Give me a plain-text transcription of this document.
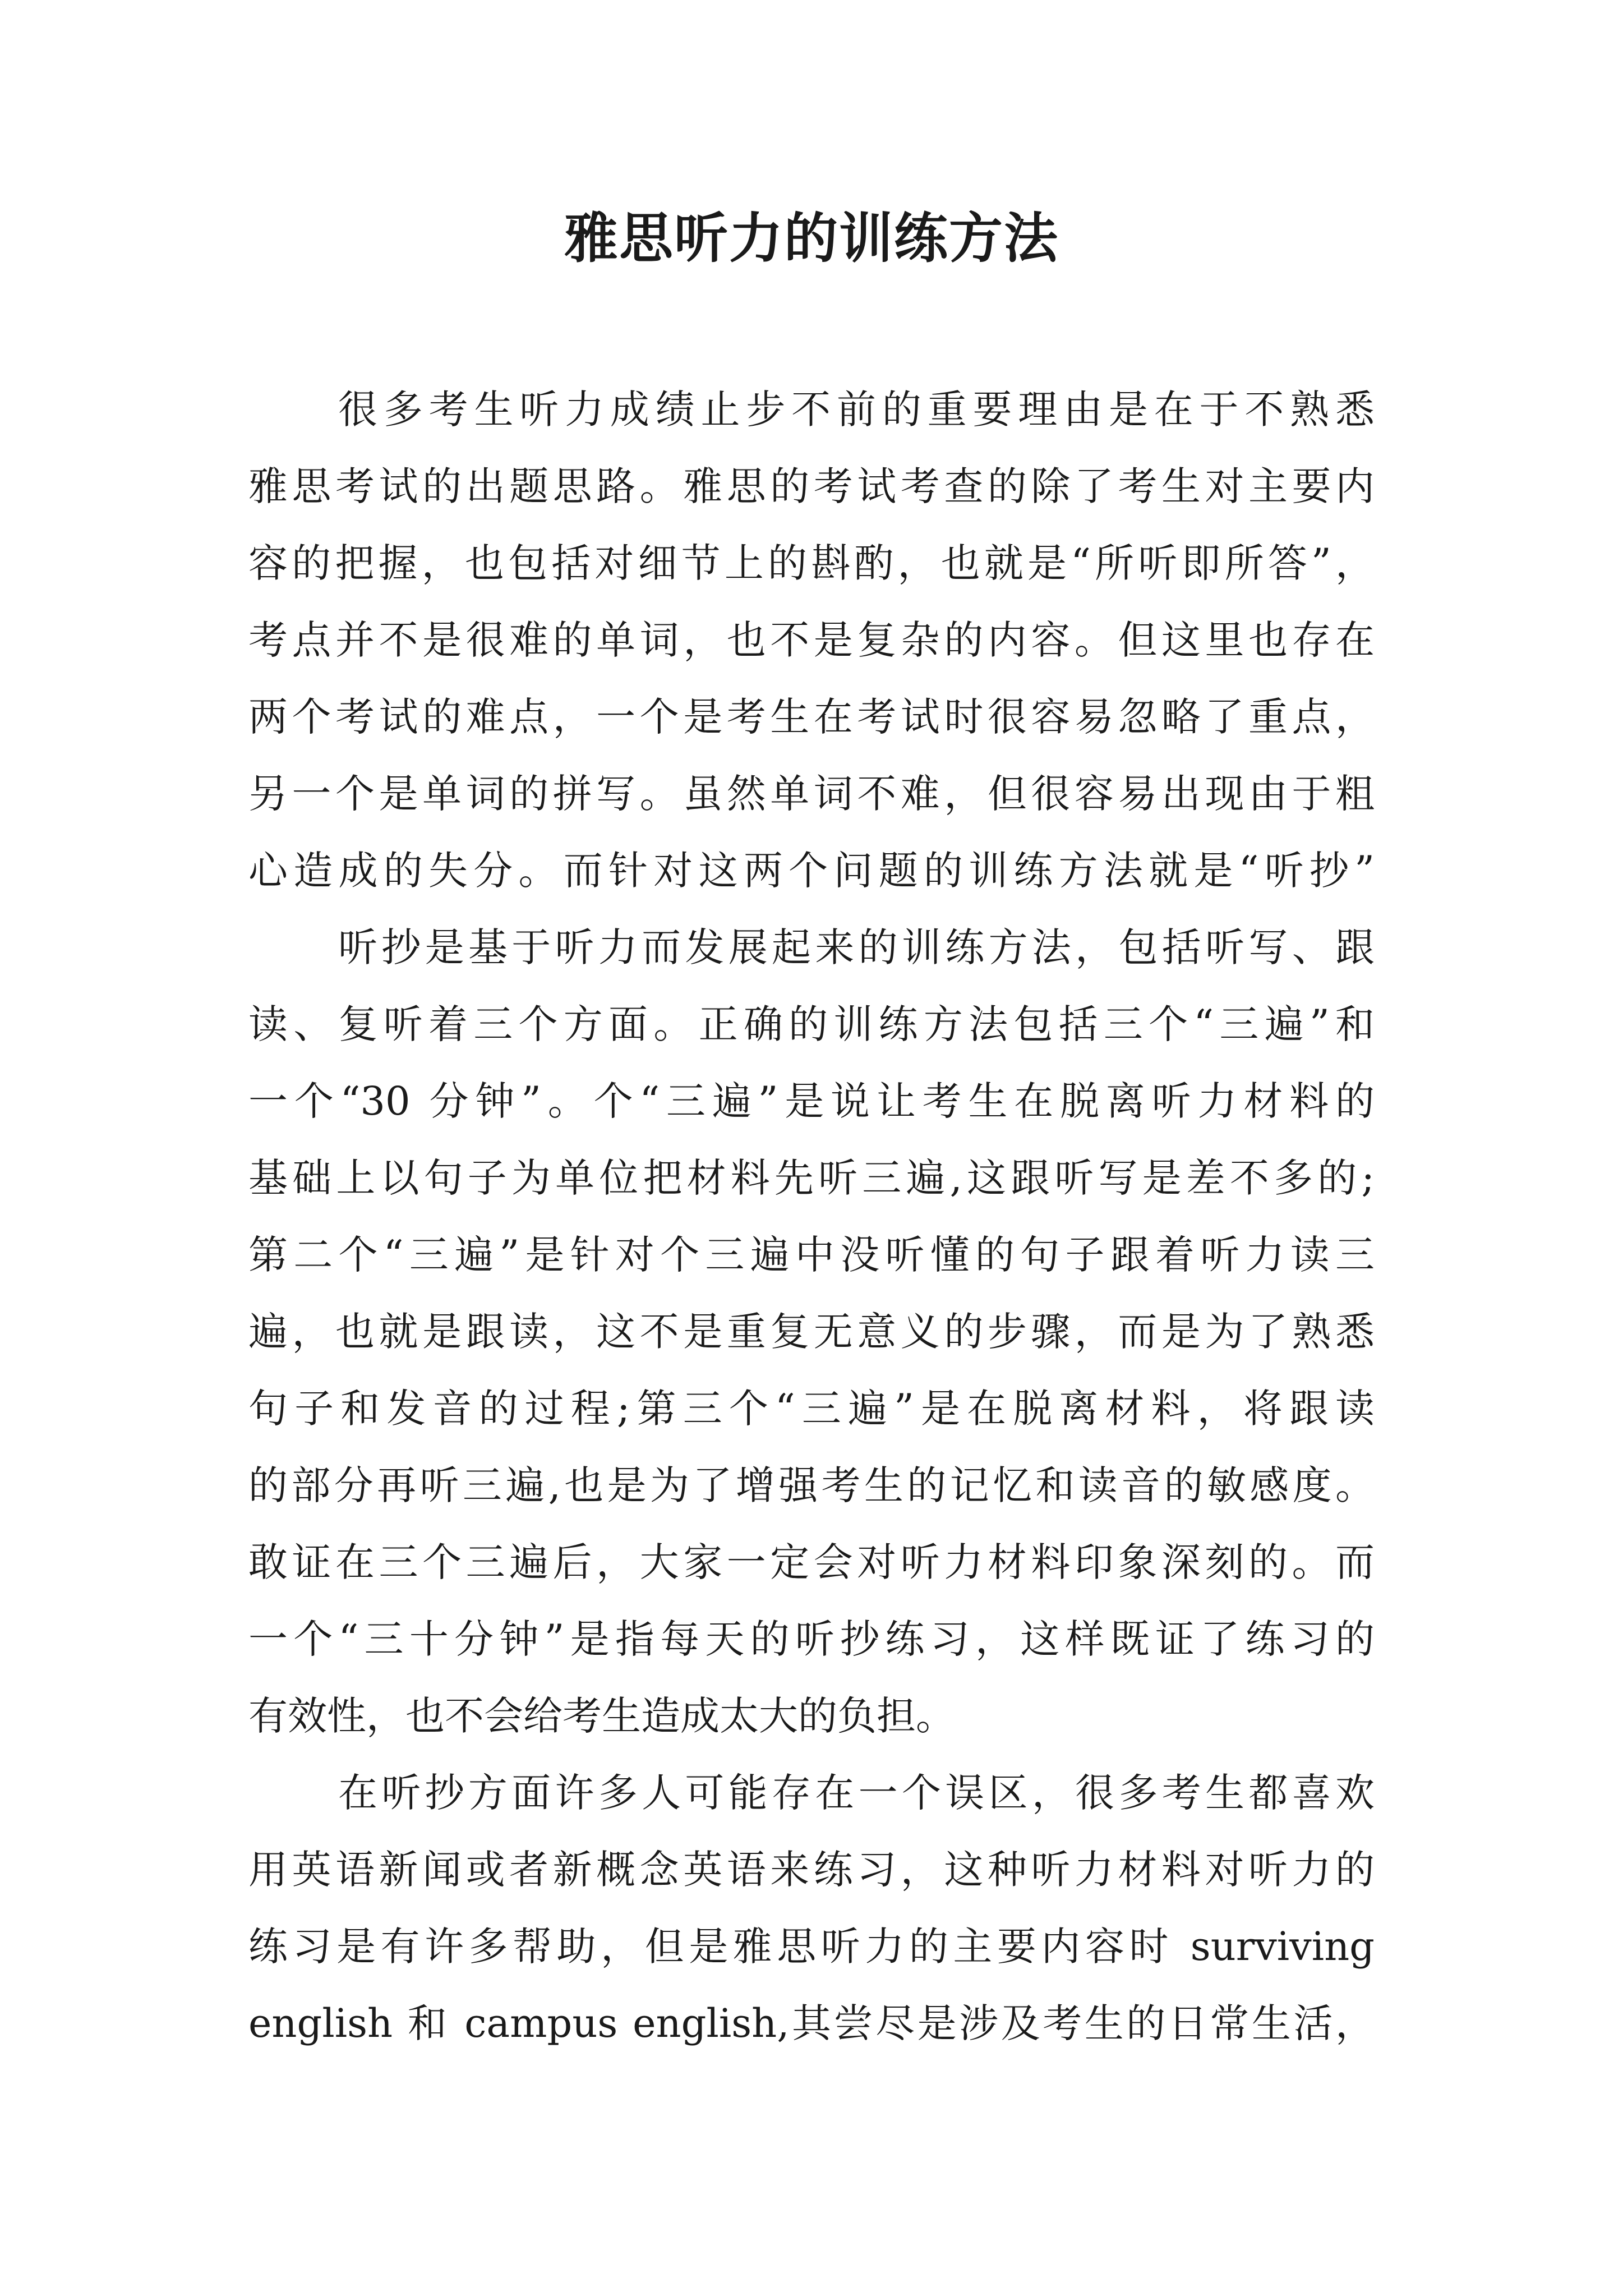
雅思听力的训练方法

很多考生听力成绩止步不前的重要理由是在于不熟悉

雅思考试的出题思路。雅思的考试考查的除了考生对主要内

容的把握，也包括对细节上的斟酌，也就是“所听即所答”，

考点并不是很难的单词，也不是复杂的内容。但这里也存在

两个考试的难点，一个是考生在考试时很容易忽略了重点，

另一个是单词的拼写。虽然单词不难，但很容易出现由于粗

心造成的失分。而针对这两个问题的训练方法就是“听抄”

听抄是基于听力而发展起来的训练方法，包括听写、跟

读、复听着三个方面。正确的训练方法包括三个“三遍”和

一个“30 分钟”。个“三遍”是说让考生在脱离听力材料的

基础上以句子为单位把材料先听三遍,这跟听写是差不多的;

第二个“三遍”是针对个三遍中没听懂的句子跟着听力读三

遍，也就是跟读，这不是重复无意义的步骤，而是为了熟悉

句子和发音的过程;第三个“三遍”是在脱离材料，将跟读

的部分再听三遍,也是为了增强考生的记忆和读音的敏感度。

敢证在三个三遍后，大家一定会对听力材料印象深刻的。而

一个“三十分钟”是指每天的听抄练习，这样既证了练习的

有效性，也不会给考生造成太大的负担。

在听抄方面许多人可能存在一个误区，很多考生都喜欢

用英语新闻或者新概念英语来练习，这种听力材料对听力的

练习是有许多帮助，但是雅思听力的主要内容时 surviving

english 和 campus english,其尝尽是涉及考生的日常生活，
